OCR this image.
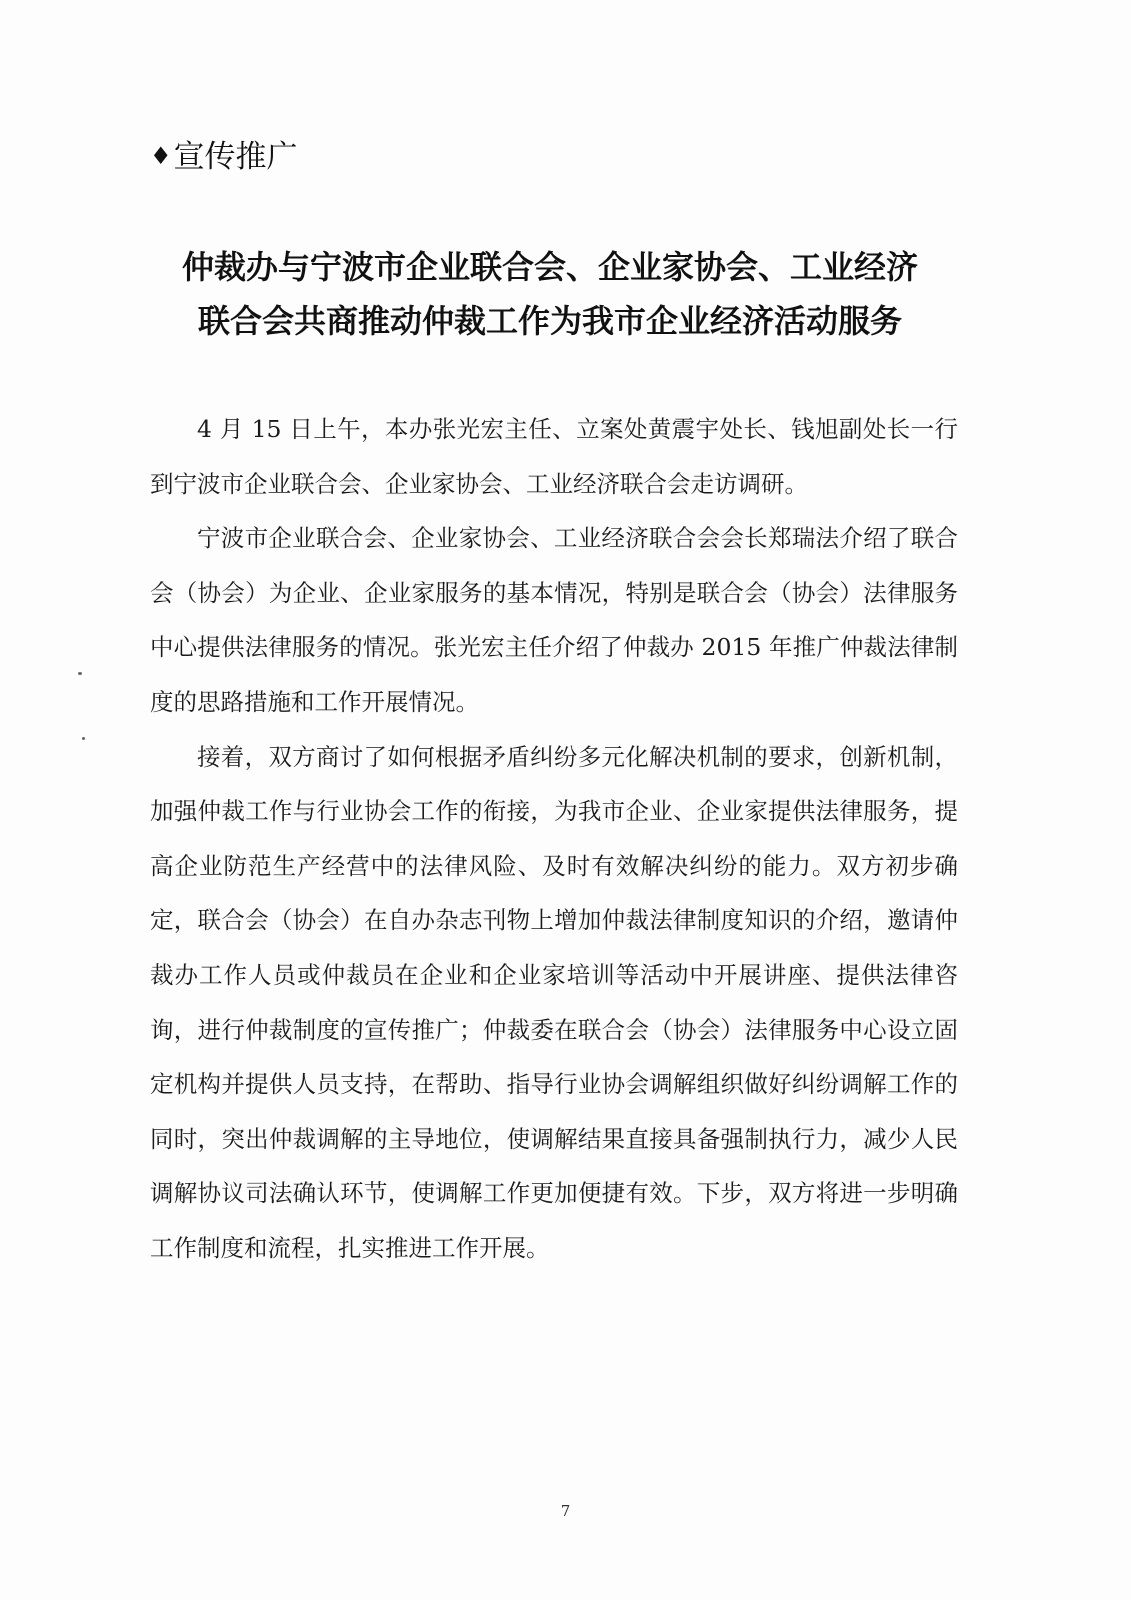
♦宣传推广
仲裁办与宁波市企业联合会、企业家协会、工业经济
联合会共商推动仲裁工作为我市企业经济活动服务

4 月 15 日上午，本办张光宏主任、立案处黄震宇处长、钱旭副处长一行到宁波市企业联合会、企业家协会、工业经济联合会走访调研。

宁波市企业联合会、企业家协会、工业经济联合会会长郑瑞法介绍了联合会（协会）为企业、企业家服务的基本情况，特别是联合会（协会）法律服务中心提供法律服务的情况。张光宏主任介绍了仲裁办 2015 年推广仲裁法律制度的思路措施和工作开展情况。

接着，双方商讨了如何根据矛盾纠纷多元化解决机制的要求，创新机制，加强仲裁工作与行业协会工作的衔接，为我市企业、企业家提供法律服务，提高企业防范生产经营中的法律风险、及时有效解决纠纷的能力。双方初步确定，联合会（协会）在自办杂志刊物上增加仲裁法律制度知识的介绍，邀请仲裁办工作人员或仲裁员在企业和企业家培训等活动中开展讲座、提供法律咨询，进行仲裁制度的宣传推广；仲裁委在联合会（协会）法律服务中心设立固定机构并提供人员支持，在帮助、指导行业协会调解组织做好纠纷调解工作的同时，突出仲裁调解的主导地位，使调解结果直接具备强制执行力，减少人民调解协议司法确认环节，使调解工作更加便捷有效。下步，双方将进一步明确工作制度和流程，扎实推进工作开展。

7
